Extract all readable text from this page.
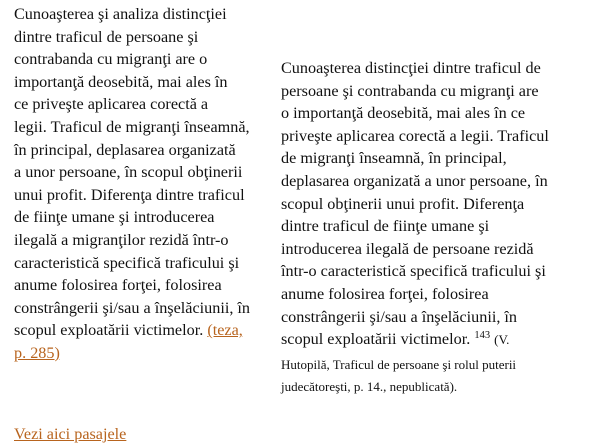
Cunoaşterea şi analiza distincţiei
dintre traficul de persoane şi
contrabanda cu migranţi are o
importanţă deosebită, mai ales în
ce priveşte aplicarea corectă a
legii. Traficul de migranţi înseamnă,
în principal, deplasarea organizată
a unor persoane, în scopul obţinerii
unui profit. Diferenţa dintre traficul
de fiinţe umane şi introducerea
ilegală a migranţilor rezidă într-o
caracteristică specifică traficului şi
anume folosirea forţei, folosirea
constrângerii şi/sau a înşelăciunii, în
scopul exploatării victimelor. (teza,
p. 285)
Vezi aici pasajele
Cunoaşterea distincţiei dintre traficul de
persoane şi contrabanda cu migranţi are
o importanţă deosebită, mai ales în ce
priveşte aplicarea corectă a legii. Traficul
de migranţi înseamnă, în principal,
deplasarea organizată a unor persoane, în
scopul obţinerii unui profit. Diferenţa
dintre traficul de fiinţe umane şi
introducerea ilegală de persoane rezidă
într-o caracteristică specifică traficului şi
anume folosirea forţei, folosirea
constrângerii şi/sau a înşelăciunii, în
scopul exploatării victimelor. $^{143}$ (V.
Hutopilă, Traficul de persoane şi rolul puterii
judecătoreşti, p. 14., nepublicată).
